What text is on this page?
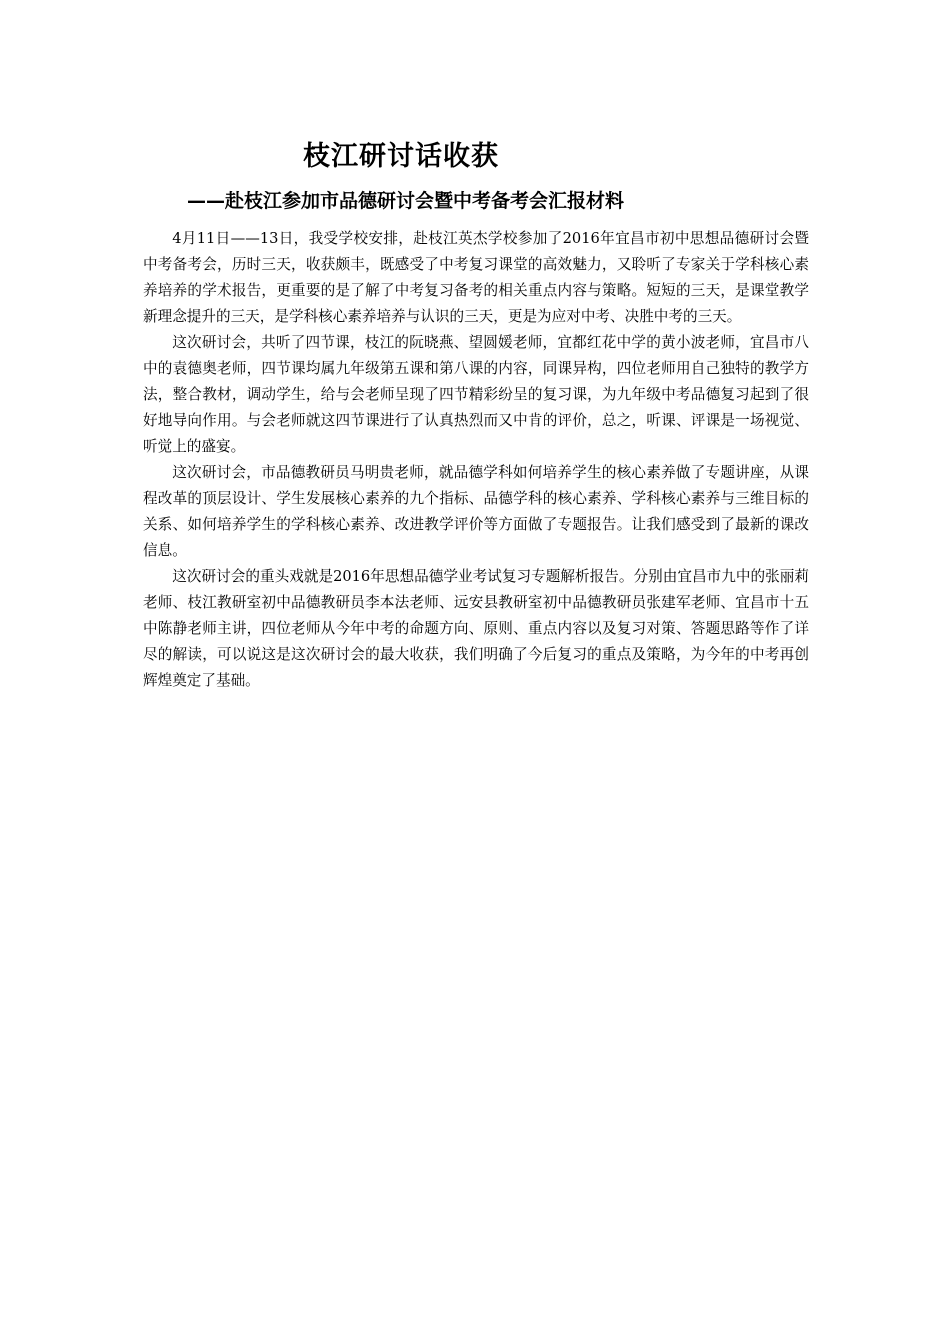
枝江研讨话收获
——赴枝江参加市品德研讨会暨中考备考会汇报材料

4月11日——13日，我受学校安排，赴枝江英杰学校参加了2016年宜昌市初中思想品德研讨会暨中考备考会，历时三天，收获颇丰，既感受了中考复习课堂的高效魅力，又聆听了专家关于学科核心素养培养的学术报告，更重要的是了解了中考复习备考的相关重点内容与策略。短短的三天，是课堂教学新理念提升的三天，是学科核心素养培养与认识的三天，更是为应对中考、决胜中考的三天。

这次研讨会，共听了四节课，枝江的阮晓燕、望圆媛老师，宜都红花中学的黄小波老师，宜昌市八中的袁德奥老师，四节课均属九年级第五课和第八课的内容，同课异构，四位老师用自己独特的教学方法，整合教材，调动学生，给与会老师呈现了四节精彩纷呈的复习课，为九年级中考品德复习起到了很好地导向作用。与会老师就这四节课进行了认真热烈而又中肯的评价，总之，听课、评课是一场视觉、听觉上的盛宴。

这次研讨会，市品德教研员马明贵老师，就品德学科如何培养学生的核心素养做了专题讲座，从课程改革的顶层设计、学生发展核心素养的九个指标、品德学科的核心素养、学科核心素养与三维目标的关系、如何培养学生的学科核心素养、改进教学评价等方面做了专题报告。让我们感受到了最新的课改信息。

这次研讨会的重头戏就是2016年思想品德学业考试复习专题解析报告。分别由宜昌市九中的张丽莉老师、枝江教研室初中品德教研员李本法老师、远安县教研室初中品德教研员张建军老师、宜昌市十五中陈静老师主讲，四位老师从今年中考的命题方向、原则、重点内容以及复习对策、答题思路等作了详尽的解读，可以说这是这次研讨会的最大收获，我们明确了今后复习的重点及策略，为今年的中考再创辉煌奠定了基础。
